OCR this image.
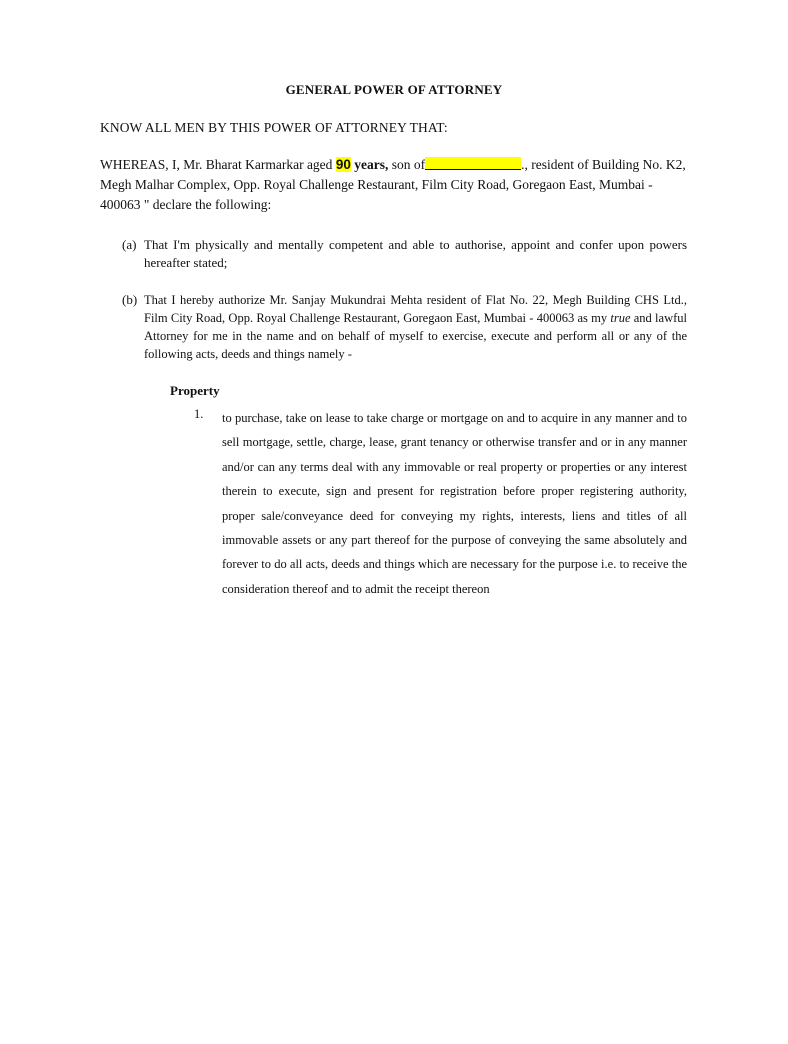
GENERAL POWER OF ATTORNEY
KNOW ALL MEN BY THIS POWER OF ATTORNEY THAT:
WHEREAS, I, Mr. Bharat Karmarkar aged 90 years, son of	., resident of Building No. K2, Megh Malhar Complex, Opp. Royal Challenge Restaurant, Film City Road, Goregaon East, Mumbai - 400063 " declare the following:
(a) That I'm physically and mentally competent and able to authorise, appoint and confer upon powers hereafter stated;
(b) That I hereby authorize Mr. Sanjay Mukundrai Mehta resident of Flat No. 22, Megh Building CHS Ltd., Film City Road, Opp. Royal Challenge Restaurant, Goregaon East, Mumbai - 400063 as my true and lawful Attorney for me in the name and on behalf of myself to exercise, execute and perform all or any of the following acts, deeds and things namely -
Property
1. to purchase, take on lease to take charge or mortgage on and to acquire in any manner and to sell mortgage, settle, charge, lease, grant tenancy or otherwise transfer and or in any manner and/or can any terms deal with any immovable or real property or properties or any interest therein to execute, sign and present for registration before proper registering authority, proper sale/conveyance deed for conveying my rights, interests, liens and titles of all immovable assets or any part thereof for the purpose of conveying the same absolutely and forever to do all acts, deeds and things which are necessary for the purpose i.e. to receive the consideration thereof and to admit the receipt thereon
